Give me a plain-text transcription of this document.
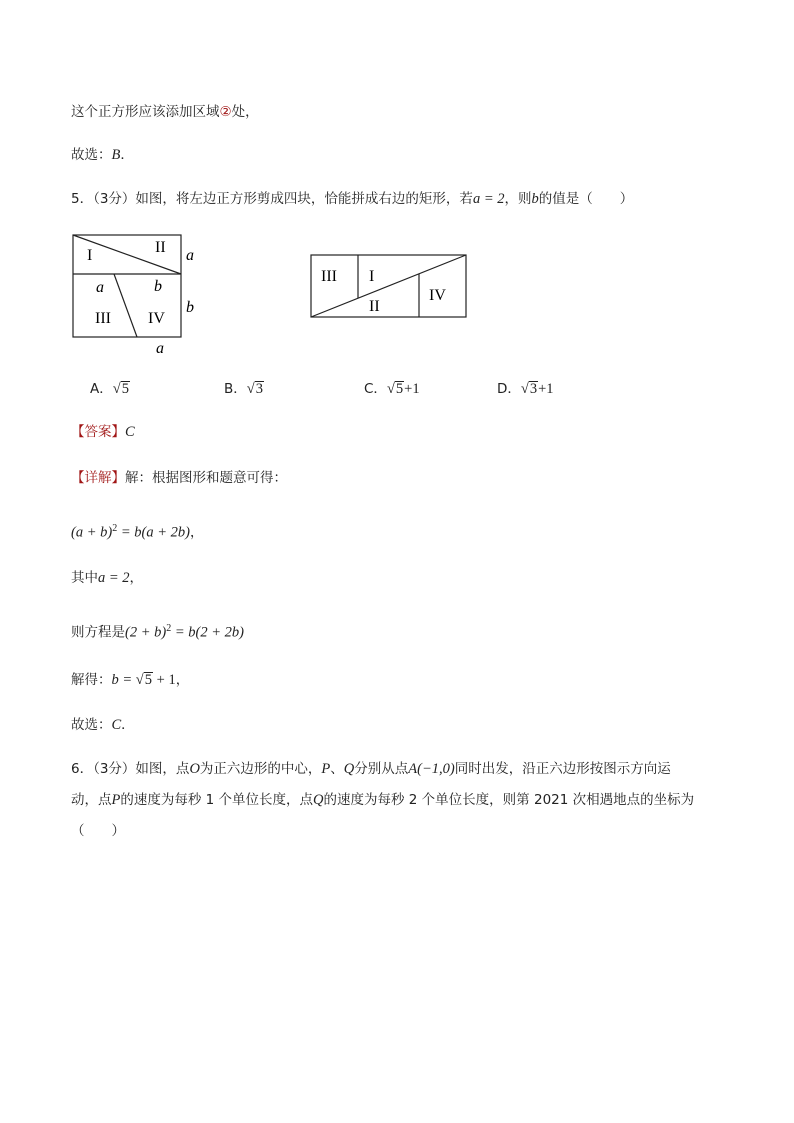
这个正方形应该添加区域②处，
故选：B．
5．（3分）如图，将左边正方形剪成四块，恰能拼成右边的矩形，若a = 2，则b的值是（　　）
I	II
III IV
a	b
a
b
a
III I
II
IV
A．√5	B．√3	C．√5+1	D．√3+1
【答案】C
【详解】解：根据图形和题意可得：
$(a + b)^2 = b(a + 2b)$，
其中a = 2，
则方程是$(2 + b)^2 = b(2 + 2b)$
解得：b = √5 + 1，
故选：C．
6．（3分）如图，点O为正六边形的中心，P、Q分别从点A(−1,0)同时出发，沿正六边形按图示方向运
动，点P的速度为每秒 1 个单位长度，点Q的速度为每秒 2 个单位长度，则第 2021 次相遇地点的坐标为
（　　）
